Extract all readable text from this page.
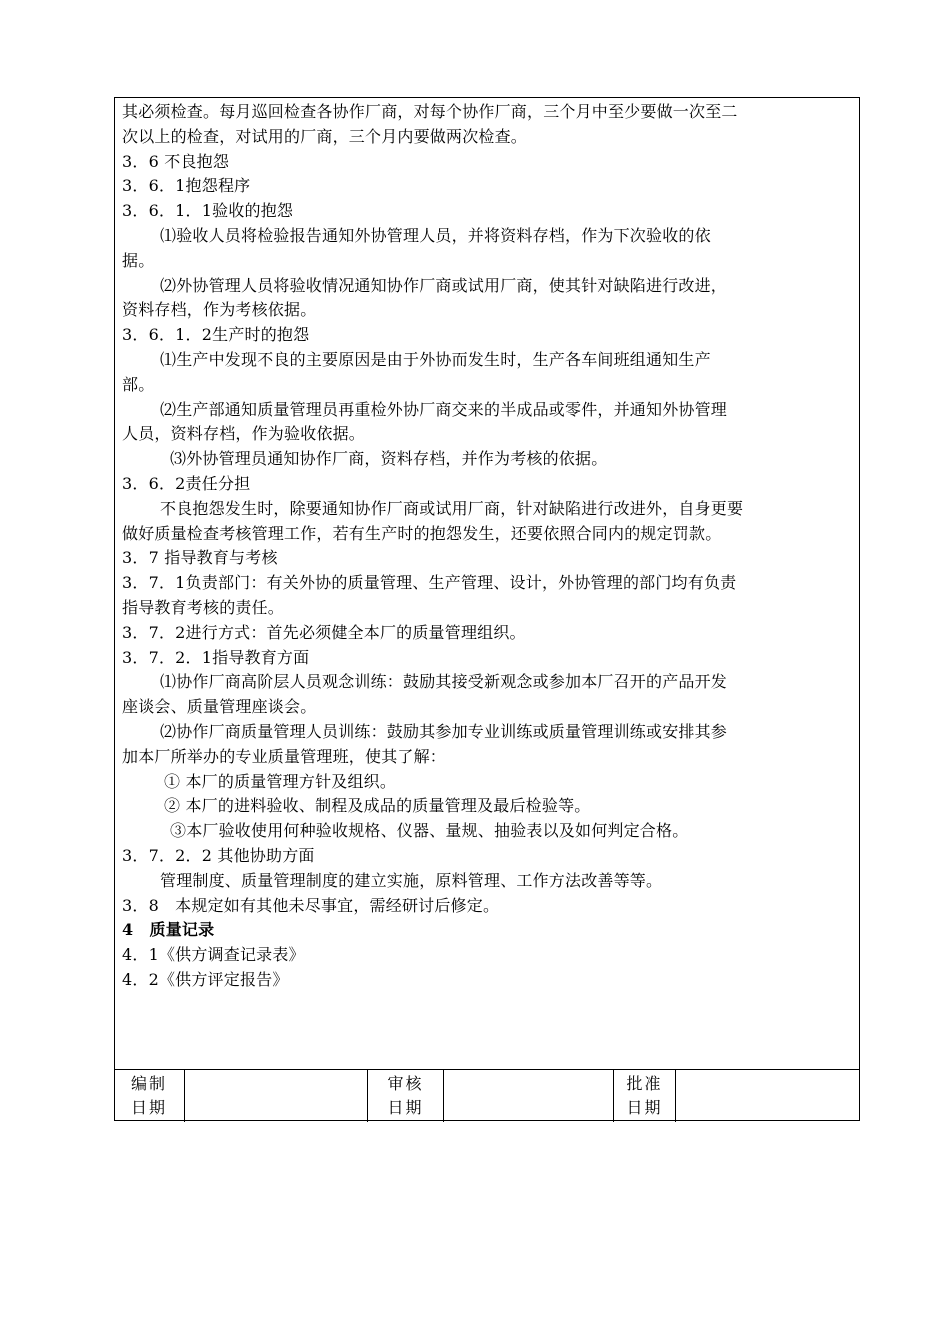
其必须检查。每月巡回检查各协作厂商，对每个协作厂商，三个月中至少要做一次至二
次以上的检查，对试用的厂商，三个月内要做两次检查。
3．6 不良抱怨
3．6．1抱怨程序
3．6．1．1验收的抱怨
⑴验收人员将检验报告通知外协管理人员，并将资料存档，作为下次验收的依
据。
⑵外协管理人员将验收情况通知协作厂商或试用厂商，使其针对缺陷进行改进，
资料存档，作为考核依据。
3．6．1．2生产时的抱怨
⑴生产中发现不良的主要原因是由于外协而发生时，生产各车间班组通知生产
部。
⑵生产部通知质量管理员再重检外协厂商交来的半成品或零件，并通知外协管理
人员，资料存档，作为验收依据。
⑶外协管理员通知协作厂商，资料存档，并作为考核的依据。
3．6．2责任分担
不良抱怨发生时，除要通知协作厂商或试用厂商，针对缺陷进行改进外，自身更要
做好质量检查考核管理工作，若有生产时的抱怨发生，还要依照合同内的规定罚款。
3．7 指导教育与考核
3．7．1负责部门：有关外协的质量管理、生产管理、设计，外协管理的部门均有负责
指导教育考核的责任。
3．7．2进行方式：首先必须健全本厂的质量管理组织。
3．7．2．1指导教育方面
⑴协作厂商高阶层人员观念训练：鼓励其接受新观念或参加本厂召开的产品开发
座谈会、质量管理座谈会。
⑵协作厂商质量管理人员训练：鼓励其参加专业训练或质量管理训练或安排其参
加本厂所举办的专业质量管理班，使其了解：
① 本厂的质量管理方针及组织。
② 本厂的进料验收、制程及成品的质量管理及最后检验等。
③本厂验收使用何种验收规格、仪器、量规、抽验表以及如何判定合格。
3．7．2．2 其他协助方面
管理制度、质量管理制度的建立实施，原料管理、工作方法改善等等。
3．8　本规定如有其他未尽事宜，需经研讨后修定。
4　质量记录
4．1《供方调查记录表》
4．2《供方评定报告》
编制
日期
审核
日期
批准
日期
